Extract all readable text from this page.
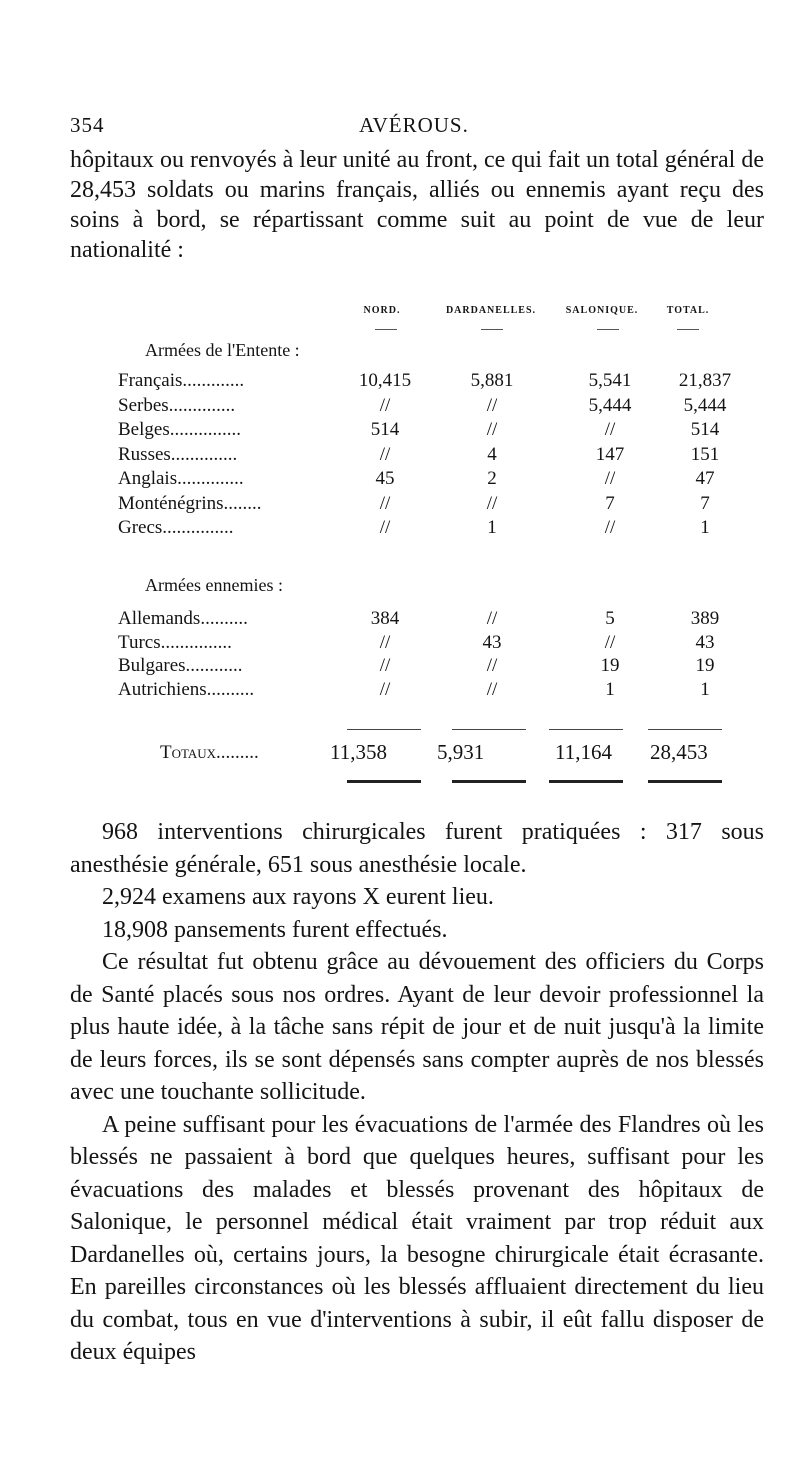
354	AVÉROUS.

hôpitaux ou renvoyés à leur unité au front, ce qui fait un total général de 28,453 soldats ou marins français, alliés ou ennemis ayant reçu des soins à bord, se répartissant comme suit au point de vue de leur nationalité :

NORD.	DARDANELLES.	SALONIQUE.	TOTAL.
Armées de l'Entente :
Français.............	10,415	5,881	5,541	21,837
Serbes..............	//	//	5,444	5,444
Belges...............	514	//	//	514
Russes..............	//	4	147	151
Anglais..............	45	2	//	47
Monténégrins........	//	//	7	7
Grecs...............	//	1	//	1
Armées ennemies :
Allemands..........	384	//	5	389
Turcs...............	//	43	//	43
Bulgares............	//	//	19	19
Autrichiens..........	//	//	1	1
Totaux.........	11,358 5,931	11,164 28,453

968 interventions chirurgicales furent pratiquées : 317 sous anesthésie générale, 651 sous anesthésie locale.

2,924 examens aux rayons X eurent lieu.

18,908 pansements furent effectués.

Ce résultat fut obtenu grâce au dévouement des officiers du Corps de Santé placés sous nos ordres. Ayant de leur devoir professionnel la plus haute idée, à la tâche sans répit de jour et de nuit jusqu'à la limite de leurs forces, ils se sont dépensés sans compter auprès de nos blessés avec une touchante sollicitude.

A peine suffisant pour les évacuations de l'armée des Flandres où les blessés ne passaient à bord que quelques heures, suffisant pour les évacuations des malades et blessés provenant des hôpitaux de Salonique, le personnel médical était vraiment par trop réduit aux Dardanelles où, certains jours, la besogne chirurgicale était écrasante. En pareilles circonstances où les blessés affluaient directement du lieu du combat, tous en vue d'interventions à subir, il eût fallu disposer de deux équipes
